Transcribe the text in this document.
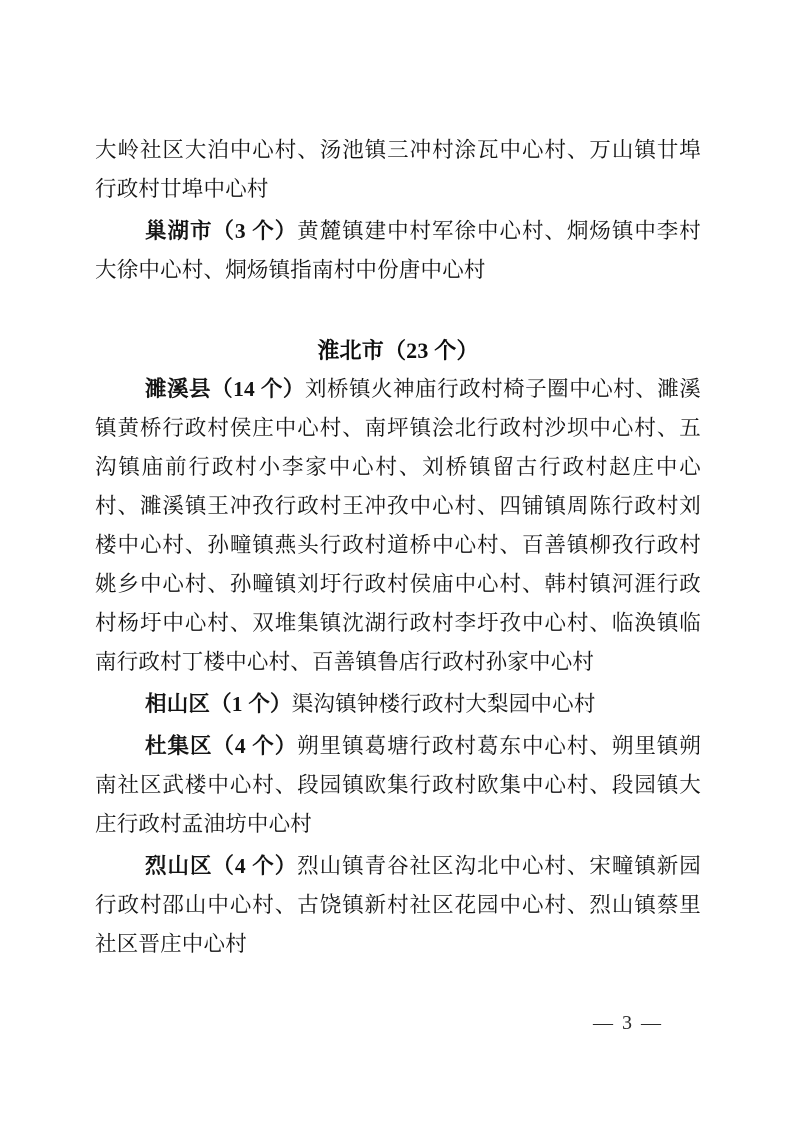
大岭社区大泊中心村、汤池镇三冲村涂瓦中心村、万山镇廿埠行政村廿埠中心村

巢湖市（3 个）黄麓镇建中村军徐中心村、烔炀镇中李村大徐中心村、烔炀镇指南村中份唐中心村

淮北市（23 个）

濉溪县（14 个）刘桥镇火神庙行政村椅子圈中心村、濉溪镇黄桥行政村侯庄中心村、南坪镇浍北行政村沙坝中心村、五沟镇庙前行政村小李家中心村、刘桥镇留古行政村赵庄中心村、濉溪镇王冲孜行政村王冲孜中心村、四铺镇周陈行政村刘楼中心村、孙疃镇燕头行政村道桥中心村、百善镇柳孜行政村姚乡中心村、孙疃镇刘圩行政村侯庙中心村、韩村镇河涯行政村杨圩中心村、双堆集镇沈湖行政村李圩孜中心村、临涣镇临南行政村丁楼中心村、百善镇鲁店行政村孙家中心村

相山区（1 个）渠沟镇钟楼行政村大梨园中心村

杜集区（4 个）朔里镇葛塘行政村葛东中心村、朔里镇朔南社区武楼中心村、段园镇欧集行政村欧集中心村、段园镇大庄行政村孟油坊中心村

烈山区（4 个）烈山镇青谷社区沟北中心村、宋疃镇新园行政村邵山中心村、古饶镇新村社区花园中心村、烈山镇蔡里社区晋庄中心村

— 3 —
